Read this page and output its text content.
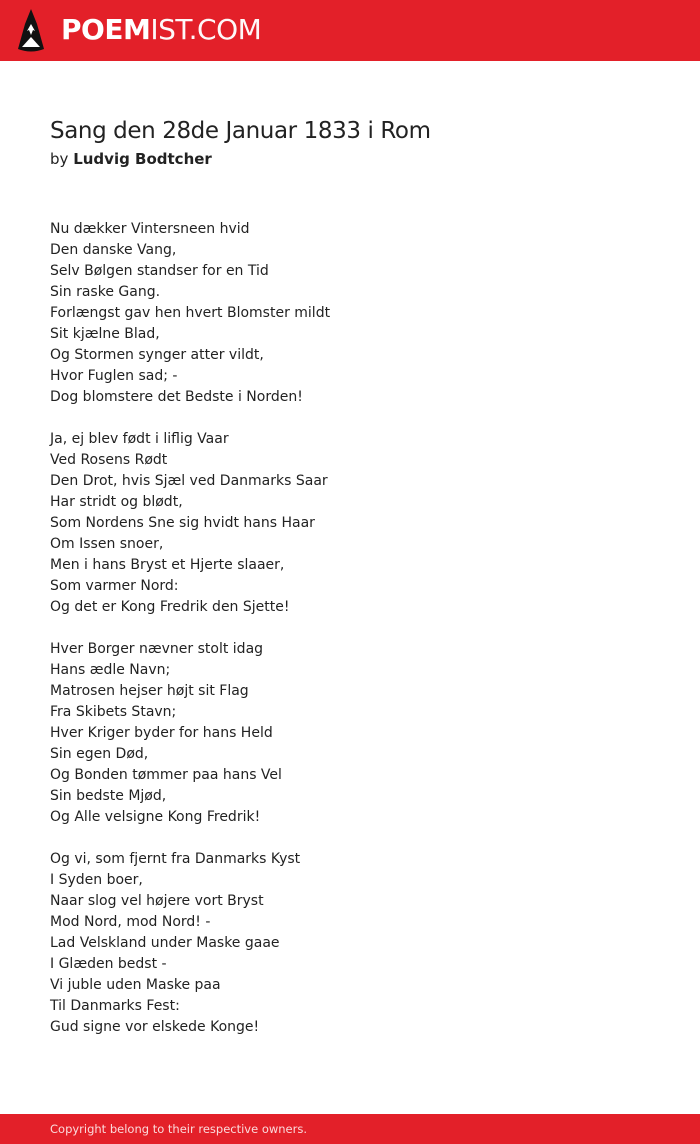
POEMIST.COM
Sang den 28de Januar 1833 i Rom
by Ludvig Bodtcher
Nu dækker Vintersneen hvid
Den danske Vang,
Selv Bølgen standser for en Tid
Sin raske Gang.
Forlængst gav hen hvert Blomster mildt
Sit kjælne Blad,
Og Stormen synger atter vildt,
Hvor Fuglen sad; -
Dog blomstere det Bedste i Norden!
Ja, ej blev født i liflig Vaar
Ved Rosens Rødt
Den Drot, hvis Sjæl ved Danmarks Saar
Har stridt og blødt,
Som Nordens Sne sig hvidt hans Haar
Om Issen snoer,
Men i hans Bryst et Hjerte slaaer,
Som varmer Nord:
Og det er Kong Fredrik den Sjette!
Hver Borger nævner stolt idag
Hans ædle Navn;
Matrosen hejser højt sit Flag
Fra Skibets Stavn;
Hver Kriger byder for hans Held
Sin egen Død,
Og Bonden tømmer paa hans Vel
Sin bedste Mjød,
Og Alle velsigne Kong Fredrik!
Og vi, som fjernt fra Danmarks Kyst
I Syden boer,
Naar slog vel højere vort Bryst
Mod Nord, mod Nord! -
Lad Velskland under Maske gaae
I Glæden bedst -
Vi juble uden Maske paa
Til Danmarks Fest:
Gud signe vor elskede Konge!
Copyright belong to their respective owners.
